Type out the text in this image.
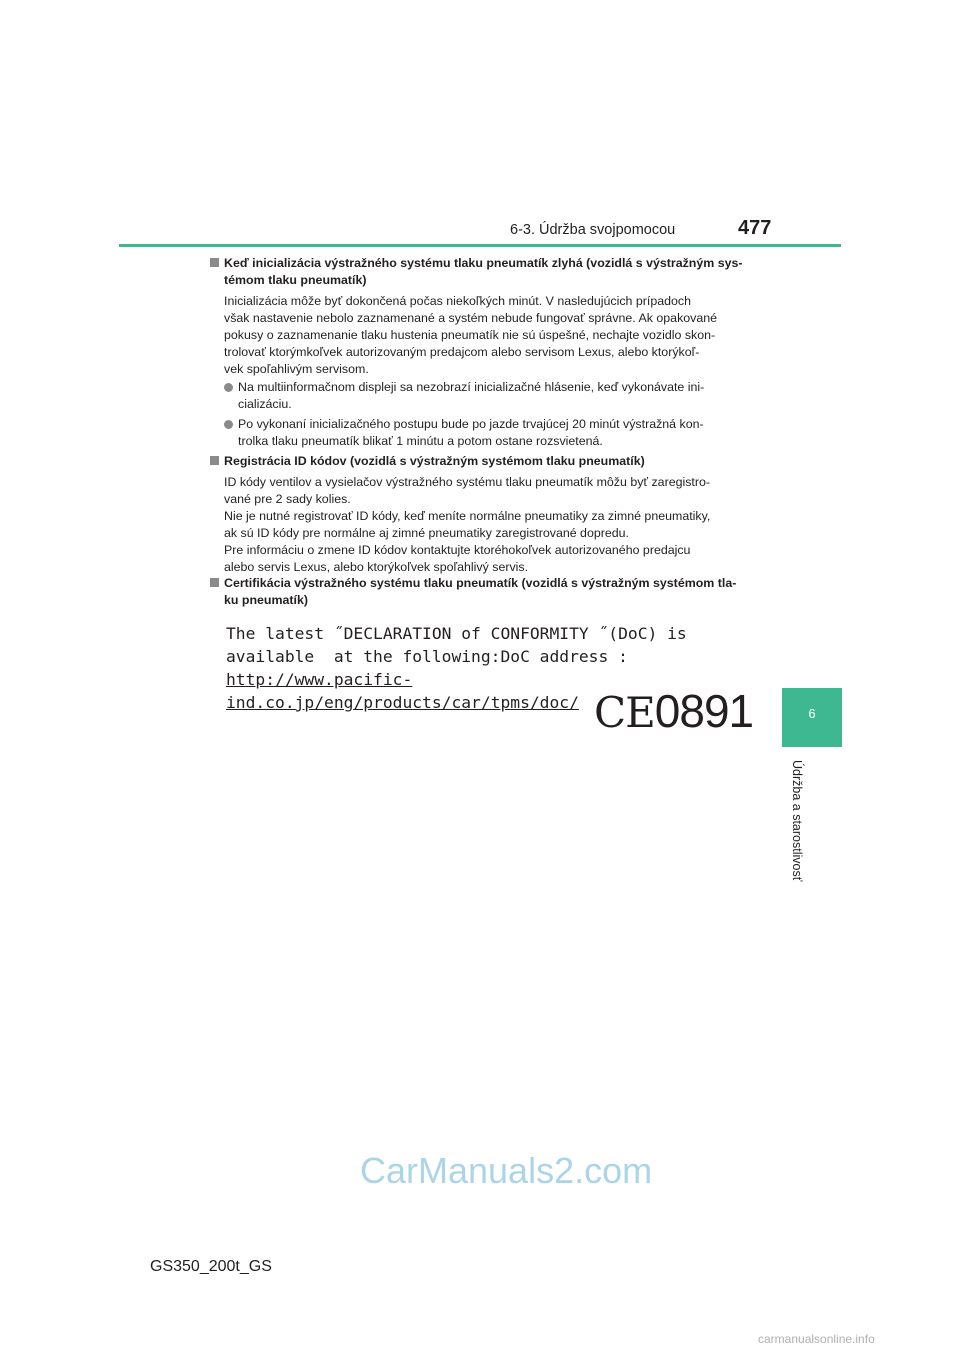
6-3. Údržba svojpomocou	477
6
Údržba a starostlivosť
Keď inicializácia výstražného systému tlaku pneumatík zlyhá (vozidlá s výstražným sys-
témom tlaku pneumatík)
Inicializácia môže byť dokončená počas niekoľkých minút. V nasledujúcich prípadoch
však nastavenie nebolo zaznamenané a systém nebude fungovať správne. Ak opakované
pokusy o zaznamenanie tlaku hustenia pneumatík nie sú úspešné, nechajte vozidlo skon-
trolovať ktorýmkoľvek autorizovaným predajcom alebo servisom Lexus, alebo ktorýkoľ-
vek spoľahlivým servisom.
Na multiinformačnom displeji sa nezobrazí inicializačné hlásenie, keď vykonávate ini-
cializáciu.
Po vykonaní inicializačného postupu bude po jazde trvajúcej 20 minút výstražná kon-
trolka tlaku pneumatík blikať 1 minútu a potom ostane rozsvietená.
Registrácia ID kódov (vozidlá s výstražným systémom tlaku pneumatík)
ID kódy ventilov a vysielačov výstražného systému tlaku pneumatík môžu byť zaregistro-
vané pre 2 sady kolies.
Nie je nutné registrovať ID kódy, keď meníte normálne pneumatiky za zimné pneumatiky,
ak sú ID kódy pre normálne aj zimné pneumatiky zaregistrované dopredu.
Pre informáciu o zmene ID kódov kontaktujte ktoréhokoľvek autorizovaného predajcu
alebo servis Lexus, alebo ktorýkoľvek spoľahlivý servis.
Certifikácia výstražného systému tlaku pneumatík (vozidlá s výstražným systémom tla-
ku pneumatík)
The latest ˝DECLARATION of CONFORMITY ˝(DoC) is
available  at the following:DoC address :
http://www.pacific-ind.co.jp/eng/products/car/tpms/doc/ CE0891
CarManuals2.com
GS350_200t_GS
carmanualsonline.info
